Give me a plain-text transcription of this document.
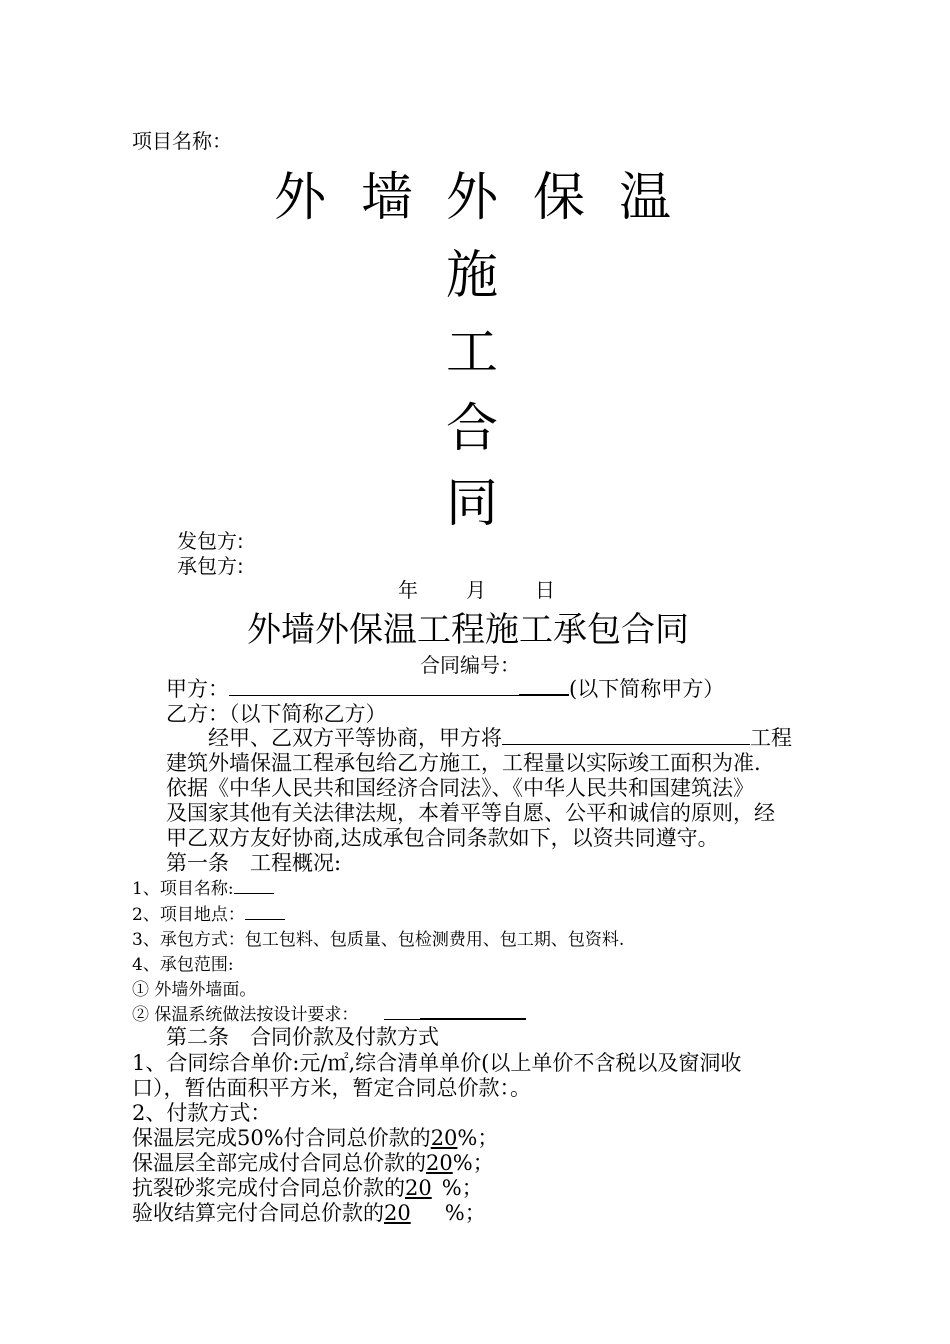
项目名称：
外 墙 外 保 温
施
工
合
同
发包方:
承包方:
年 月 日
外墙外保温工程施工承包合同
合同编号：
甲方：	(以下简称甲方）
乙方：（以下简称乙方）
经甲、乙双方平等协商，甲方将	工程
建筑外墙保温工程承包给乙方施工，工程量以实际竣工面积为准.
依据《中华人民共和国经济合同法》、《中华人民共和国建筑法》
及国家其他有关法律法规，本着平等自愿、公平和诚信的原则，经
甲乙双方友好协商,达成承包合同条款如下，以资共同遵守。
第一条　工程概况:
1、项目名称:
2、项目地点：
3、承包方式：包工包料、包质量、包检测费用、包工期、包资料.
4、承包范围:
① 外墙外墙面。
② 保温系统做法按设计要求：
第二条　合同价款及付款方式
1、合同综合单价:元/㎡,综合清单单价(以上单价不含税以及窗洞收
口），暂估面积平方米，暂定合同总价款：。
2、付款方式：
保温层完成50%付合同总价款的20%；
保温层全部完成付合同总价款的20%；
抗裂砂浆完成付合同总价款的20 %；
验收结算完付合同总价款的20 %；
